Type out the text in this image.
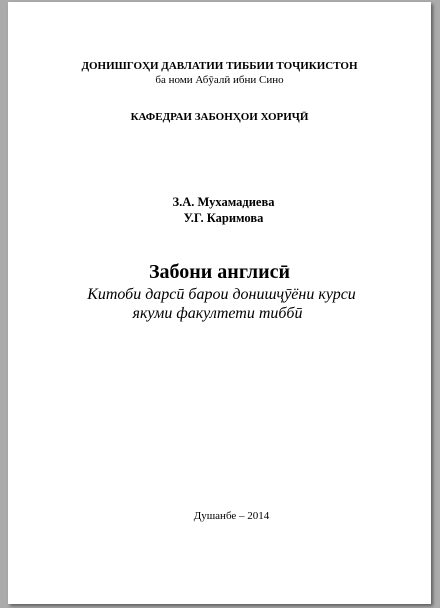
ДОНИШГОҲИ ДАВЛАТИИ ТИББИИ ТОҶИКИСТОН
ба номи Абӯалӣ ибни Сино
КАФЕДРАИ ЗАБОНҲОИ ХОРИҶӢ
З.А. Мухамадиева
У.Г. Каримова
Забони англисӣ
Китоби дарсӣ барои донишҷӯёни курси
якуми факултети тиббӣ
Душанбе – 2014
